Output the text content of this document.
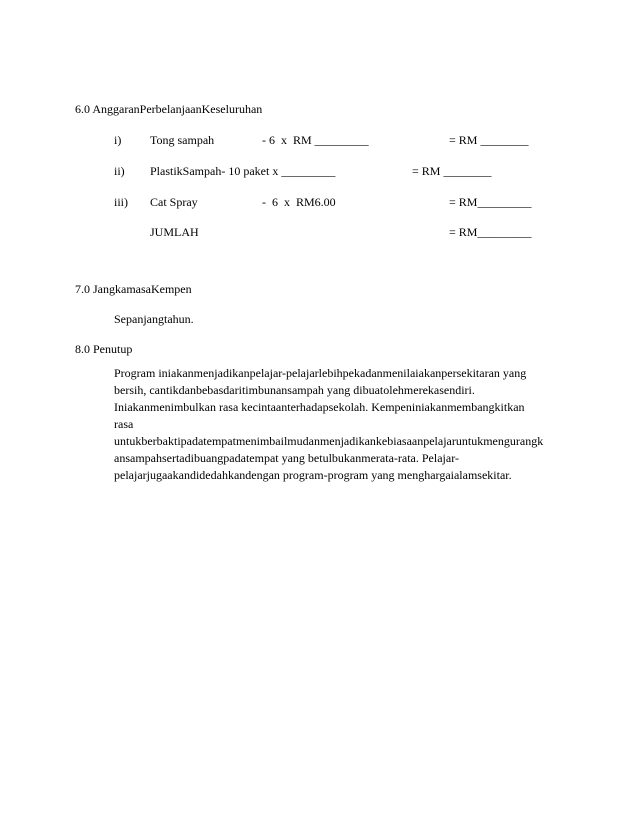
6.0 AnggaranPerbelanjaanKeseluruhan
i) Tong sampah	- 6  x  RM _________	= RM ________
ii) PlastikSampah- 10 paket x _________	= RM ________
iii) Cat Spray	-  6  x  RM6.00	= RM_________
JUMLAH	= RM_________
7.0 JangkamasaKempen
Sepanjangtahun.
8.0 Penutup
Program iniakanmenjadikanpelajar-pelajarlebihpekadanmenilaiakanpersekitaran yang
bersih, cantikdanbebasdaritimbunansampah yang dibuatolehmerekasendiri.
Iniakanmenimbulkan rasa kecintaanterhadapsekolah. Kempeniniakanmembangkitkan
rasa
untukberbaktipadatempatmenimbailmudanmenjadikankebiasaanpelajaruntukmengurangk
ansampahsertadibuangpadatempat yang betulbukanmerata-rata. Pelajar-
pelajarjugaakandidedahkandengan program-program yang menghargaialamsekitar.
